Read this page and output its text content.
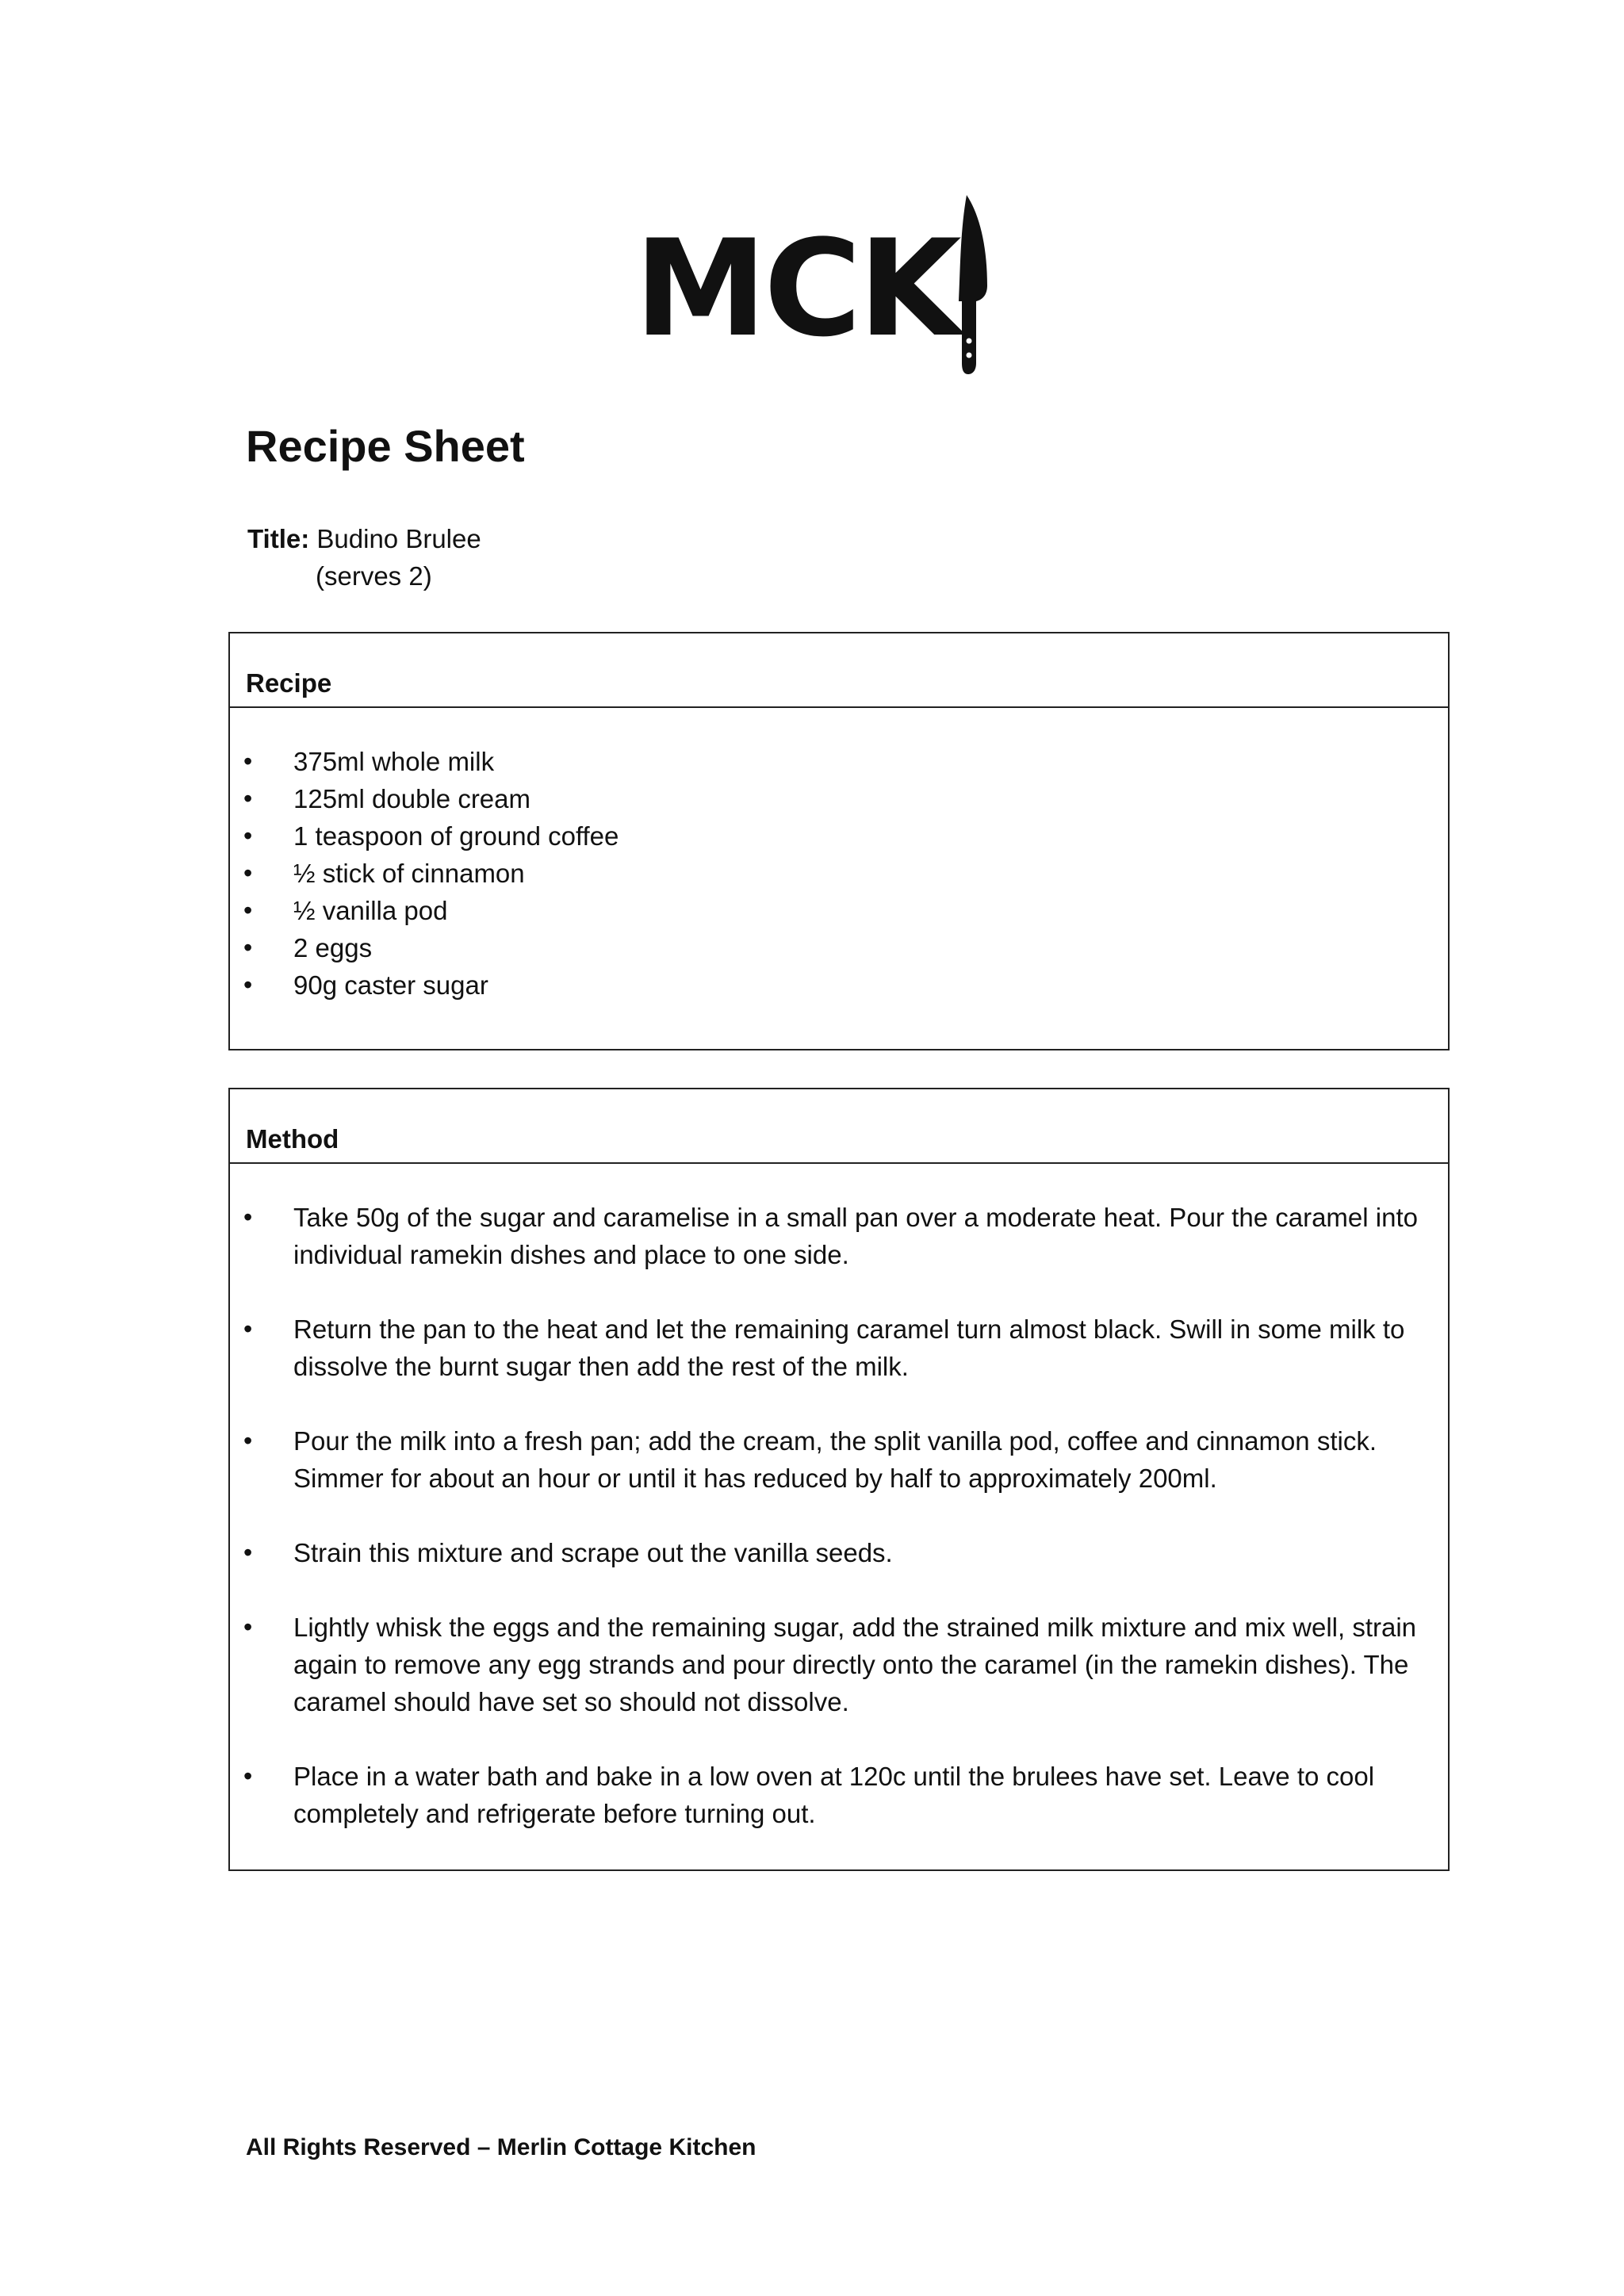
MCK
Recipe Sheet
Title: Budino Brulee
(serves 2)
Recipe
• 375ml whole milk
• 125ml double cream
• 1 teaspoon of ground coffee
• ½ stick of cinnamon
• ½ vanilla pod
• 2 eggs
• 90g caster sugar
Method
• Take 50g of the sugar and caramelise in a small pan over a moderate heat. Pour the caramel into individual ramekin dishes and place to one side.
• Return the pan to the heat and let the remaining caramel turn almost black. Swill in some milk to dissolve the burnt sugar then add the rest of the milk.
• Pour the milk into a fresh pan; add the cream, the split vanilla pod, coffee and cinnamon stick. Simmer for about an hour or until it has reduced by half to approximately 200ml.
• Strain this mixture and scrape out the vanilla seeds.
• Lightly whisk the eggs and the remaining sugar, add the strained milk mixture and mix well, strain again to remove any egg strands and pour directly onto the caramel (in the ramekin dishes). The caramel should have set so should not dissolve.
• Place in a water bath and bake in a low oven at 120c until the brulees have set. Leave to cool completely and refrigerate before turning out.
All Rights Reserved – Merlin Cottage Kitchen
